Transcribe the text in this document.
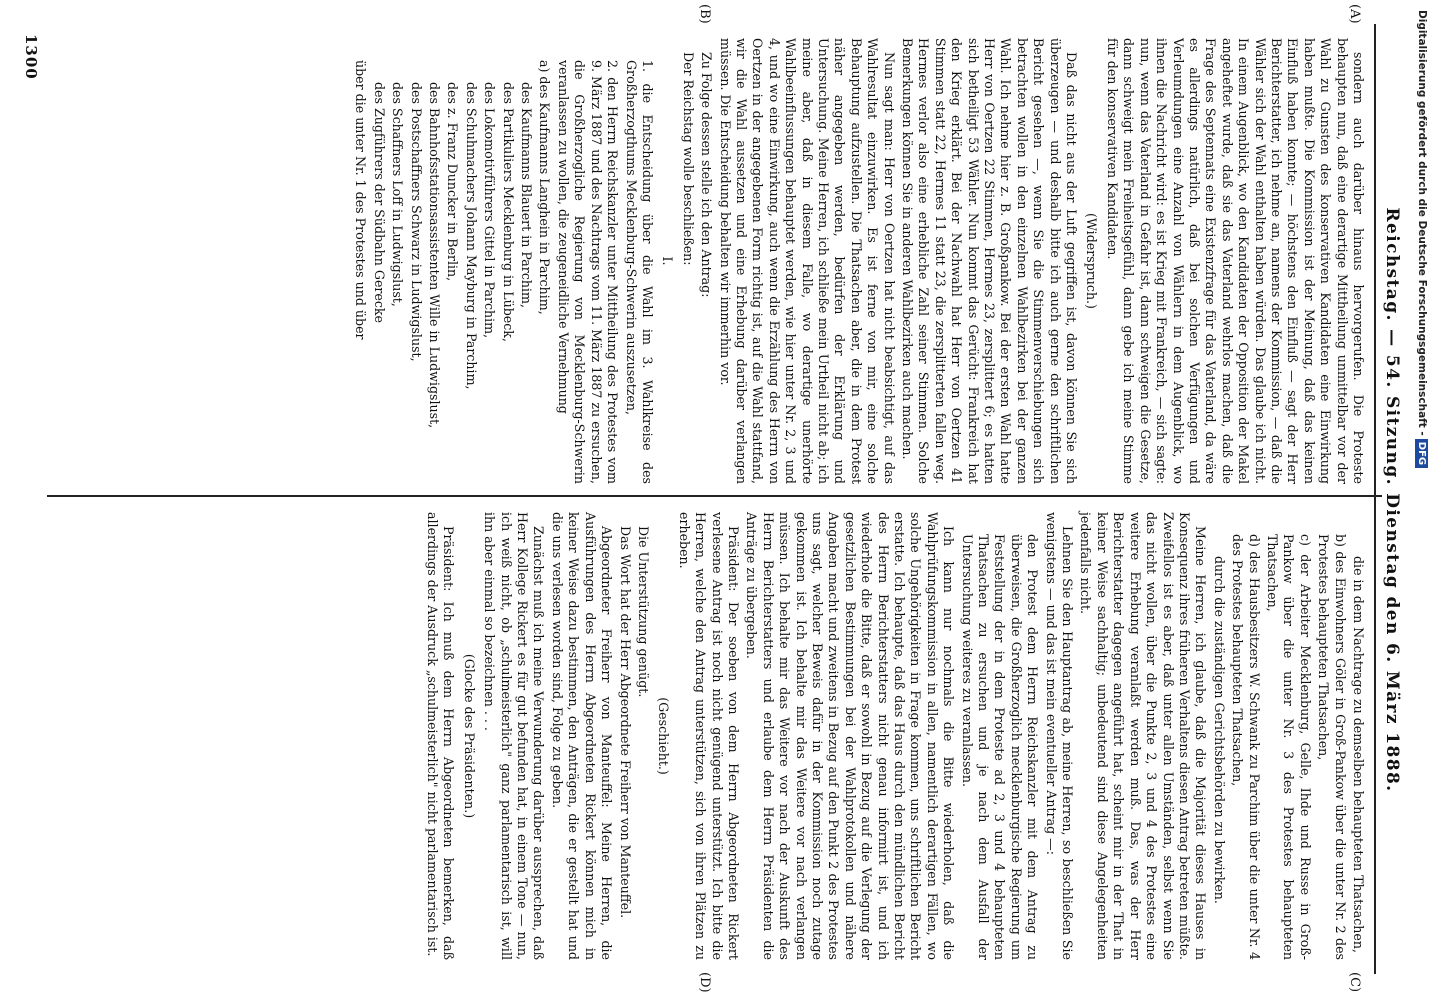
1300
Reichstag. — 54. Sitzung. Dienstag den 6. März 1888.
(A)
(B)
(C)
(D)

sondern auch darüber hinaus hervorgerufen. Die Proteste behaupten nun, daß eine derartige Mittheilung unmittelbar vor der Wahl zu Gunsten des konservativen Kandidaten eine Einwirkung haben mußte. Die Kommission ist der Meinung, daß das keinen Einfluß haben konnte; — höchstens den Einfluß — sagt der Herr Berichterstatter, ich nehme an, namens der Kommission, — daß die Wähler sich der Wahl enthalten haben würden. Das glaube ich nicht. In einem Augenblick, wo den Kandidaten der Opposition der Makel angeheftet wurde, daß sie das Vaterland wehrlos machen, daß die Frage des Septennats eine Existenzfrage für das Vaterland, da wäre es allerdings natürlich, daß bei solchen Verfügungen und Verleumdungen eine Anzahl von Wählern in dem Augenblick, wo ihnen die Nachricht wird: es ist Krieg mit Frankreich, — sich sagte: nun, wenn das Vaterland in Gefahr ist, dann schweigen die Gesetze, dann schweigt mein Freiheitsgefühl, dann gebe ich meine Stimme für den konservativen Kandidaten.

(Widerspruch.)

Daß das nicht aus der Luft gegriffen ist, davon können Sie sich überzeugen — und deshalb bitte ich auch gerne den schriftlichen Bericht gesehen —, wenn Sie die Stimmenverschiebungen sich betrachten wollen in den einzelnen Wahlbezirken bei der ganzen Wahl. Ich nehme hier z. B. Großpankow. Bei der ersten Wahl hatte Herr von Oertzen 22 Stimmen, Hermes 23, zersplittert 6; es hatten sich betheiligt 53 Wähler. Nun kommt das Gerücht: Frankreich hat den Krieg erklärt. Bei der Nachwahl hat Herr von Oertzen 41 Stimmen statt 22, Hermes 11 statt 23, die zersplitterten fallen weg. Hermes verlor also eine erhebliche Zahl seiner Stimmen. Solche Bemerkungen können Sie in anderen Wahlbezirken auch machen.

Nun sagt man: Herr von Oertzen hat nicht beabsichtigt, auf das Wahlresultat einzuwirken. Es ist ferne von mir, eine solche Behauptung aufzustellen. Die Thatsachen aber, die in dem Protest näher angegeben werden, bedürfen der Erklärung und Untersuchung. Meine Herren, ich schließe mein Urtheil nicht ab; ich meine aber, daß in diesem Falle, wo derartige unerhörte Wahlbeeinflussungen behauptet werden, wie hier unter Nr. 2, 3 und 4, und wo eine Einwirkung, auch wenn die Erzählung des Herrn von Oertzen in der angegebenen Form richtig ist, auf die Wahl stattfand, wir die Wahl aussetzen und eine Erhebung darüber verlangen müssen. Die Entscheidung behalten wir immerhin vor.

Zu Folge dessen stelle ich den Antrag:

Der Reichstag wolle beschließen:

I.

1. die Entscheidung über die Wahl im 3. Wahlkreise des Großherzogthums Mecklenburg-Schwerin auszusetzen,

2. den Herrn Reichskanzler unter Mittheilung des Protestes vom 9. März 1887 und des Nachtrags vom 11. März 1887 zu ersuchen, die Großherzogliche Regierung von Mecklenburg-Schwerin veranlassen zu wollen, die zeugeneidliche Vernehmung

a) des Kaufmanns Langhein in Parchim,

des Kaufmanns Blauert in Parchim,

des Partikuliers Mecklenburg in Lübeck,

des Lokomotivführers Gittel in Parchim,

des Schuhmachers Johann Mayburg in Parchim,

des z. Franz Duncker in Berlin,

des Bahnhofsstationsassistenten Wille in Ludwigslust,

des Postschaffners Schwarz in Ludwigslust,

des Schaffners Loff in Ludwigslust,

des Zugführers der Südbahn Gerecke

über die unter Nr. 1 des Protestes und über

die in dem Nachtrage zu demselben behaupteten Thatsachen,

b) des Einwohners Göler in Groß-Pankow über die unter Nr. 2 des Protestes behaupteten Thatsachen,

c) der Arbeiter Mecklenburg, Gelle, Ihde und Russe in Groß-Pankow über die unter Nr. 3 des Protestes behaupteten Thatsachen,

d) des Hausbesitzers W. Schwank zu Parchim über die unter Nr. 4 des Protestes behaupteten Thatsachen,

durch die zuständigen Gerichtsbehörden zu bewirken.

Meine Herren, ich glaube, daß die Majorität dieses Hauses in Konsequenz ihres früheren Verhaltens diesen Antrag betreten müßte. Zweifellos ist es aber, daß unter allen Umständen, selbst wenn Sie das nicht wollen, über die Punkte 2, 3 und 4 des Protestes eine weitere Erhebung veranlaßt werden muß. Das, was der Herr Berichterstatter dagegen angeführt hat, scheint mir in der That in keiner Weise sachhaltig; unbedeutend sind diese Angelegenheiten jedenfalls nicht.

Lehnen Sie den Hauptantrag ab, meine Herren, so beschließen Sie wenigstens — und das ist mein eventueller Antrag —:

den Protest dem Herrn Reichskanzler mit dem Antrag zu überweisen, die Großherzoglich mecklenburgische Regierung um Feststellung der in dem Proteste ad 2, 3 und 4 behaupteten Thatsachen zu ersuchen und je nach dem Ausfall der Untersuchung weiteres zu veranlassen.

Ich kann nur nochmals die Bitte wiederholen, daß die Wahlprüfungskommission in allen, namentlich derartigen Fällen, wo solche Ungehörigkeiten in Frage kommen, uns schriftlichen Bericht erstatte. Ich behaupte, daß das Haus durch den mündlichen Bericht des Herrn Berichterstatters nicht genau informirt ist, und ich wiederhole die Bitte, daß er sowohl in Bezug auf die Verlegung der gesetzlichen Bestimmungen bei der Wahlprotokollen und nähere Angaben macht und zweitens in Bezug auf den Punkt 2 des Protestes uns sagt, welcher Beweis dafür in der Kommission noch zutage gekommen ist. Ich behalte mir das Weitere vor nach verlangen müssen. Ich behalte mir das Weitere vor nach der Auskunft des Herrn Berichterstatters und erlaube dem Herrn Präsidenten die Anträge zu übergeben.

Präsident: Der soeben von dem Herrn Abgeordneten Rickert verlesene Antrag ist noch nicht genügend unterstützt. Ich bitte die Herren, welche den Antrag unterstützen, sich von ihren Plätzen zu erheben.

(Geschieht.)

Die Unterstützung genügt.

Das Wort hat der Herr Abgeordnete Freiherr von Manteuffel.

Abgeordneter Freiherr von Manteuffel: Meine Herren, die Ausführungen des Herrn Abgeordneten Rickert können mich in keiner Weise dazu bestimmen, den Anträgen, die er gestellt hat und die uns verlesen worden sind, Folge zu geben.

Zunächst muß ich meine Verwunderung darüber aussprechen, daß Herr Kollege Rickert es für gut befunden hat, in einem Tone — nun, ich weiß nicht, ob „schulmeisterlich" ganz parlamentarisch ist, will ihn aber einmal so bezeichnen . . .

(Glocke des Präsidenten.)

Präsident: Ich muß dem Herrn Abgeordneten bemerken, daß allerdings der Ausdruck „schulmeisterlich" nicht parlamentarisch ist.

Digitalisierung gefördert durch die Deutsche Forschungsgemeinschaft -DFG
